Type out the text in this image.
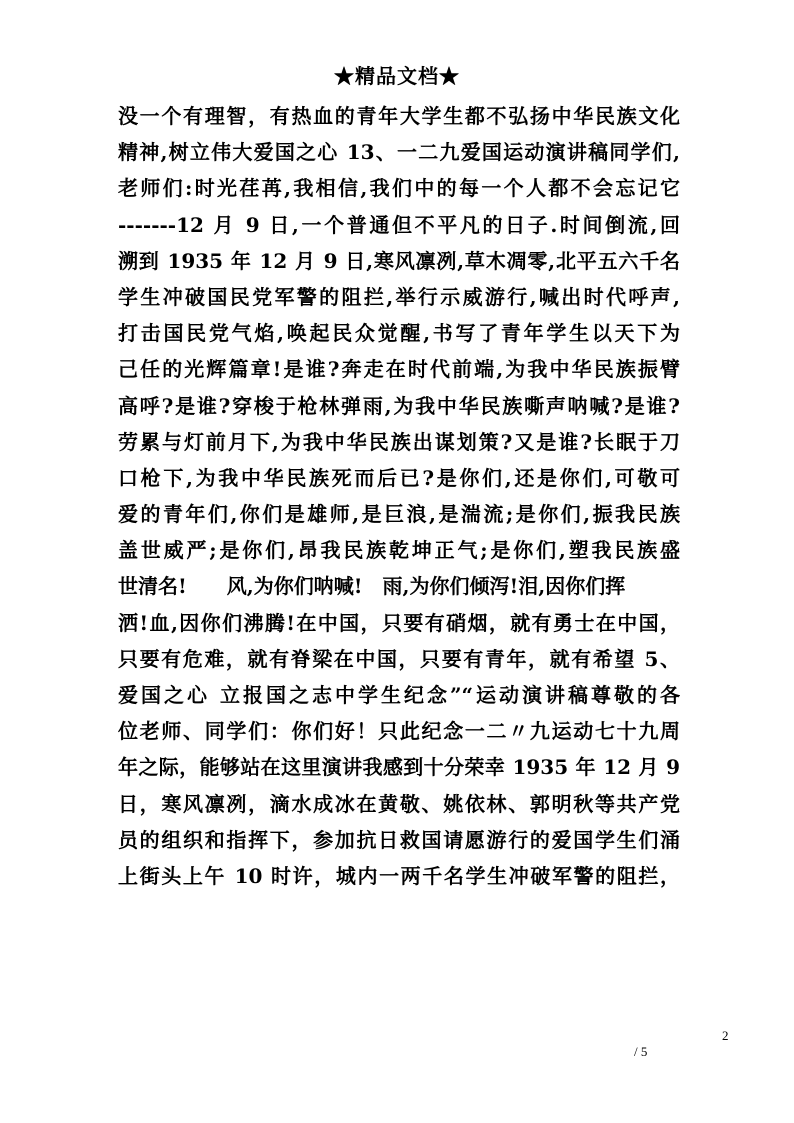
★精品文档★
没一个有理智，有热血的青年大学生都不弘扬中华民族文化
精神,树立伟大爱国之心 13、一二九爱国运动演讲稿同学们,
老师们:时光荏苒,我相信,我们中的每一个人都不会忘记它
-------12 月 9 日,一个普通但不平凡的日子.时间倒流,回
溯到 1935 年 12 月 9 日,寒风凛冽,草木凋零,北平五六千名
学生冲破国民党军警的阻拦,举行示威游行,喊出时代呼声,
打击国民党气焰,唤起民众觉醒,书写了青年学生以天下为
己任的光辉篇章!是谁?奔走在时代前端,为我中华民族振臂
高呼?是谁?穿梭于枪林弹雨,为我中华民族嘶声呐喊?是谁?
劳累与灯前月下,为我中华民族出谋划策?又是谁?长眠于刀
口枪下,为我中华民族死而后已?是你们,还是你们,可敬可
爱的青年们,你们是雄师,是巨浪,是湍流;是你们,振我民族
盖世威严;是你们,昂我民族乾坤正气;是你们,塑我民族盛
世清名!　　风,为你们呐喊!　雨,为你们倾泻!泪,因你们挥
洒!血,因你们沸腾!在中国，只要有硝烟，就有勇士在中国，
只要有危难，就有脊梁在中国，只要有青年，就有希望 5、
爱国之心 立报国之志中学生纪念”“运动演讲稿尊敬的各
位老师、同学们：你们好！只此纪念一二〃九运动七十九周
年之际，能够站在这里演讲我感到十分荣幸 1935 年 12 月 9
日，寒风凛冽，滴水成冰在黄敬、姚依林、郭明秋等共产党
员的组织和指挥下，参加抗日救国请愿游行的爱国学生们涌
上街头上午 10 时许，城内一两千名学生冲破军警的阻拦，
2
/ 5
